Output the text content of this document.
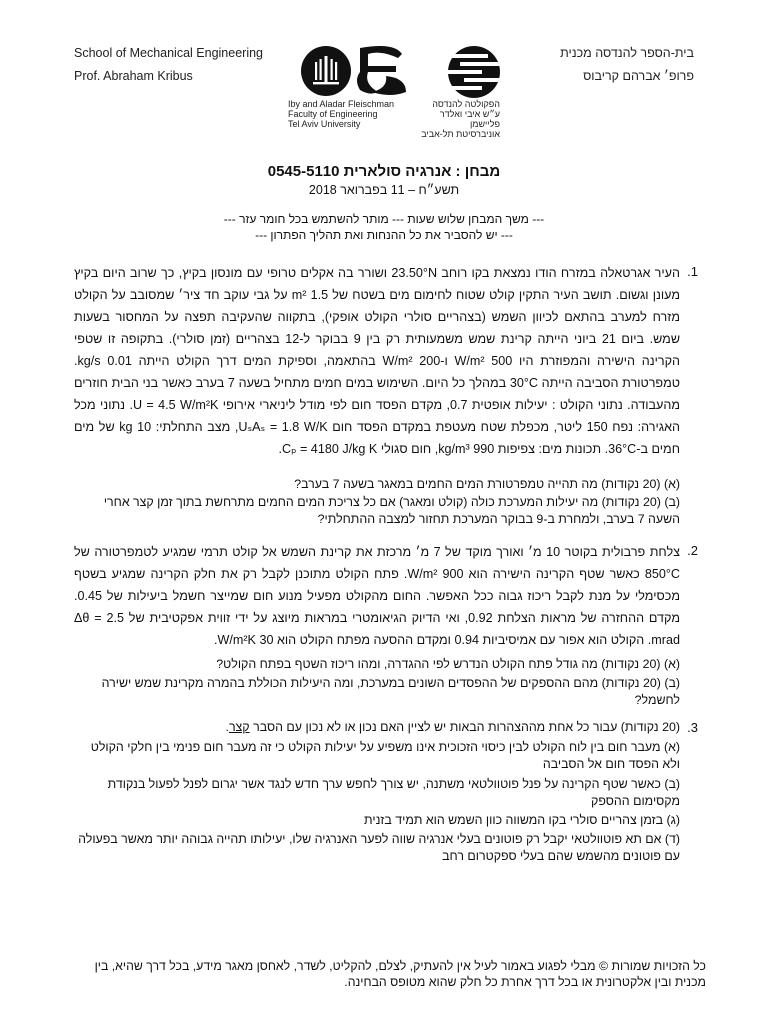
School of Mechanical Engineering
Prof. Abraham Kribus
בית-הספר להנדסה מכנית
פרופ׳ אברהם קריבוס
Iby and Aladar Fleischman
Faculty of Engineering
Tel Aviv University
הפקולטה להנדסה
ע״ש איבי ואלדר פליישמן
אוניברסיטת תל-אביב
מבחן : אנרגיה סולארית 0545-5110
תשע״ח – 11 בפברואר 2018
--- משך המבחן שלוש שעות --- מותר להשתמש בכל חומר עזר ---
--- יש להסביר את כל ההנחות ואת תהליך הפתרון ---
.1

העיר אגרטאלה במזרח הודו נמצאת בקו רוחב 23.50°N ושורר בה אקלים טרופי עם מונסון בקיץ, כך שרוב היום בקיץ מעונן וגשום. תושב העיר התקין קולט שטוח לחימום מים בשטח של 1.5 m² על גבי עוקב חד ציר׳ שמסובב על הקולט מזרח למערב בהתאם לכיוון השמש (בצהריים סולרי הקולט אופקי), בתקווה שהעקיבה תפצה על המחסור בשעות שמש. ביום 21 ביוני הייתה קרינת שמש משמעותית רק בין 9 בבוקר ל-12 בצהריים (זמן סולרי). בתקופה זו שטפי הקרינה הישירה והמפוזרת היו 500 W/m² ו-200 W/m² בהתאמה, וספיקת המים דרך הקולט הייתה 0.01 kg/s. טמפרטורת הסביבה הייתה 30°C במהלך כל היום. השימוש במים חמים מתחיל בשעה 7 בערב כאשר בני הבית חוזרים מהעבודה. נתוני הקולט : יעילות אופטית 0.7, מקדם הפסד חום לפי מודל ליניארי אירופי U = 4.5 W/m²K. נתוני מכל האגירה: נפח 150 ליטר, מכפלת שטח מעטפת במקדם הפסד חום UₛAₛ = 1.8 W/K, מצב התחלתי: 10 kg של מים חמים ב-36°C. תכונות מים: צפיפות 990 kg/m³, חום סגולי Cₚ = 4180 J/kg K.

(א) (20 נקודות) מה תהייה טמפרטורת המים החמים במאגר בשעה 7 בערב?
(ב) (20 נקודות) מה יעילות המערכת כולה (קולט ומאגר) אם כל צריכת המים החמים מתרחשת בתוך זמן קצר אחרי השעה 7 בערב, ולמחרת ב-9 בבוקר המערכת תחזור למצבה ההתחלתי?
.2

צלחת פרבולית בקוטר 10 מ׳ ואורך מוקד של 7 מ׳ מרכזת את קרינת השמש אל קולט תרמי שמגיע לטמפרטורה של 850°C כאשר שטף הקרינה הישירה הוא 900 W/m². פתח הקולט מתוכנן לקבל רק את חלק הקרינה שמגיע בשטף מכסימלי על מנת לקבל ריכוז גבוה ככל האפשר. החום מהקולט מפעיל מנוע חום שמייצר חשמל ביעילות של 0.45. מקדם ההחזרה של מראות הצלחת 0.92, ואי הדיוק הגיאומטרי במראות מיוצג על ידי זווית אפקטיבית של Δθ = 2.5 mrad. הקולט הוא אפור עם אמיסיביות 0.94 ומקדם ההסעה מפתח הקולט הוא 30 W/m²K.

(א) (20 נקודות) מה גודל פתח הקולט הנדרש לפי ההגדרה, ומהו ריכוז השטף בפתח הקולט?
(ב) (20 נקודות) מהם ההספקים של ההפסדים השונים במערכת, ומה היעילות הכוללת בהמרה מקרינת שמש ישירה לחשמל?
.3
(20 נקודות) עבור כל אחת מההצהרות הבאות יש לציין האם נכון או לא נכון עם הסבר קצר.
(א) מעבר חום בין לוח הקולט לבין כיסוי הזכוכית אינו משפיע על יעילות הקולט כי זה מעבר חום פנימי בין חלקי הקולט ולא הפסד חום אל הסביבה
(ב) כאשר שטף הקרינה על פנל פוטוולטאי משתנה, יש צורך לחפש ערך חדש לנגד אשר יגרום לפנל לפעול בנקודת מקסימום ההספק
(ג) בזמן צהריים סולרי בקו המשווה כוון השמש הוא תמיד בזנית
(ד) אם תא פוטוולטאי יקבל רק פוטונים בעלי אנרגיה שווה לפער האנרגיה שלו, יעילותו תהייה גבוהה יותר מאשר בפעולה עם פוטונים מהשמש שהם בעלי ספקטרום רחב
כל הזכויות שמורות © מבלי לפגוע באמור לעיל אין להעתיק, לצלם, להקליט, לשדר, לאחסן מאגר מידע, בכל דרך שהיא, בין מכנית ובין אלקטרונית או בכל דרך אחרת כל חלק שהוא מטופס הבחינה.
